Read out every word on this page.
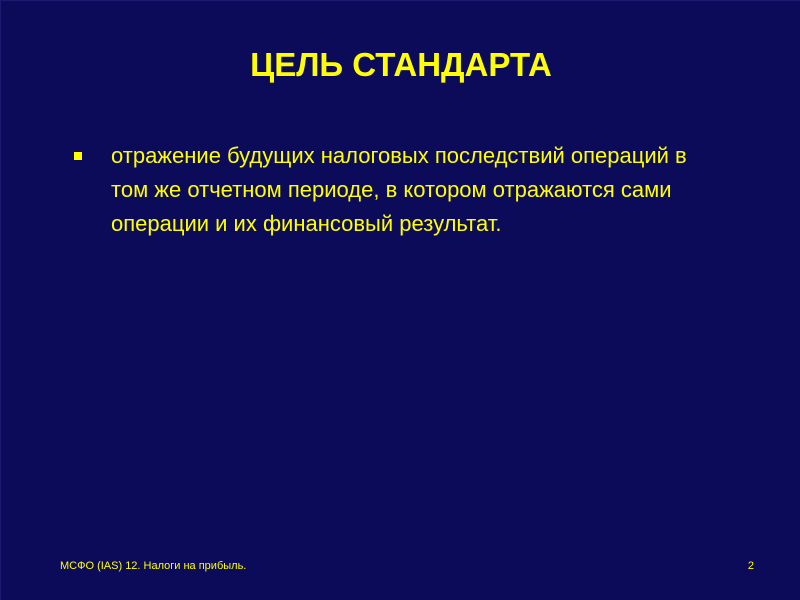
ЦЕЛЬ СТАНДАРТА
отражение будущих налоговых последствий операций в том же отчетном периоде, в котором отражаются сами операции и их финансовый результат.
МСФО (IAS) 12. Налоги на прибыль.	2
